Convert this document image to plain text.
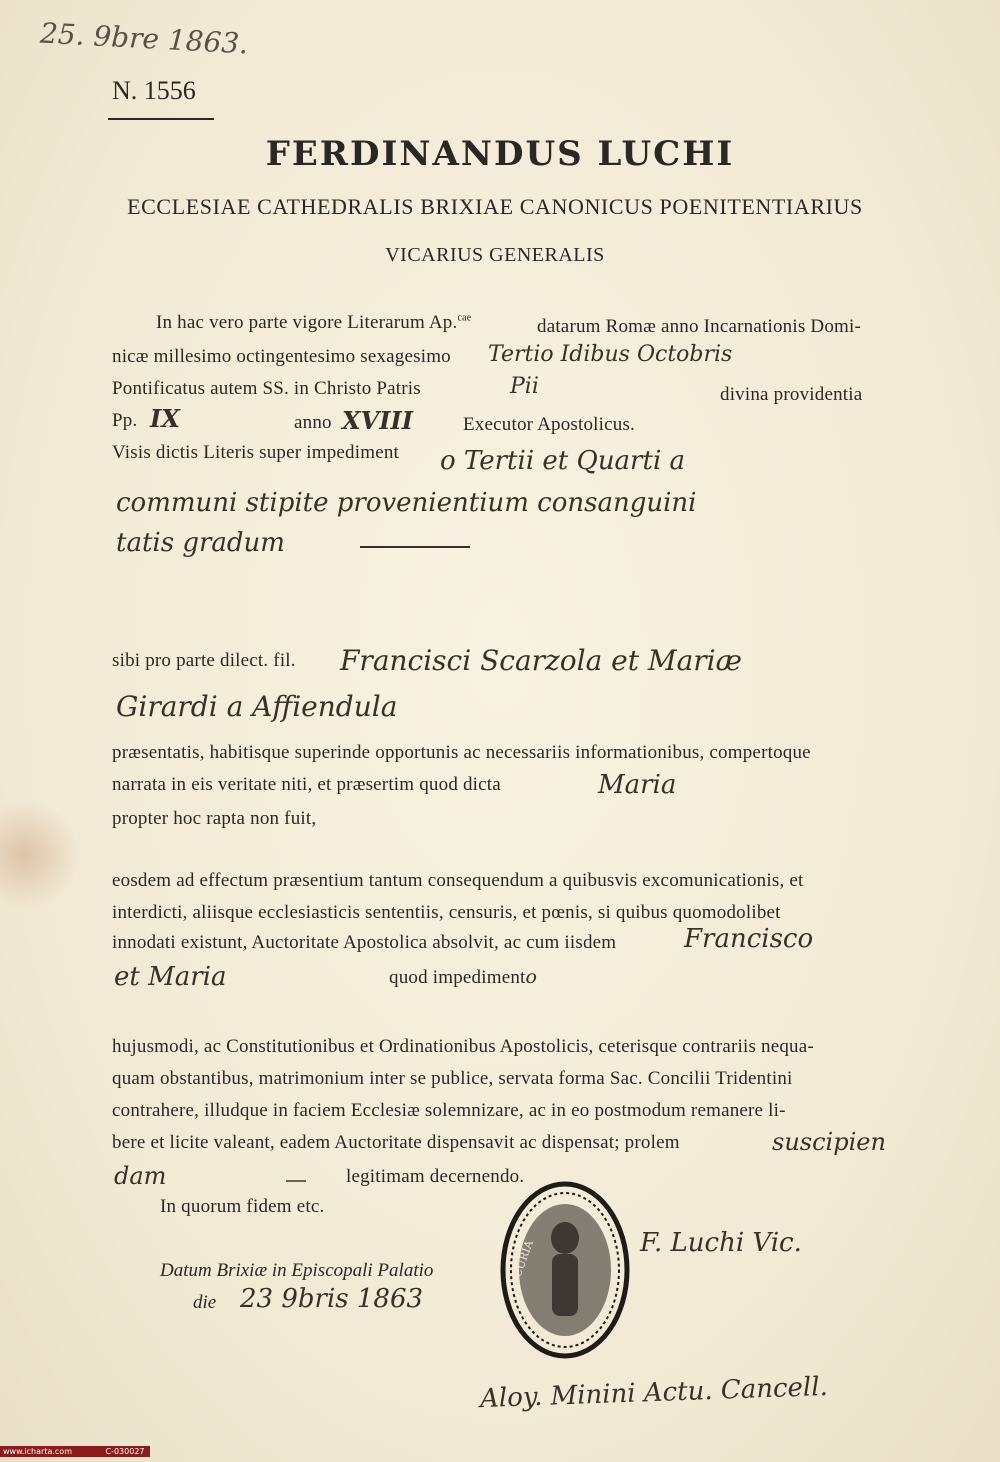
25. 9bre 1863.
N. 1556
FERDINANDUS LUCHI
ECCLESIAE CATHEDRALIS BRIXIAE CANONICUS POENITENTIARIUS
VICARIUS GENERALIS
In hac vero parte vigore Literarum Ap.$^{cae}$	datarum Romæ anno Incarnationis Domi-
nicæ millesimo octingentesimo sexagesimo Tertio Idibus Octobris
Pontificatus autem SS. in Christo Patris	Pii	divina providentia
Pp. IX	anno XVIII	Executor Apostolicus.
Visis dictis Literis super impediment o Tertii et Quarti a
communi stipite provenientium consanguini
tatis gradum
sibi pro parte dilect. fil. Francisci Scarzola et Mariæ
Girardi a Affiendula
præsentatis, habitisque superinde opportunis ac necessariis informationibus, compertoque
narrata in eis veritate niti, et præsertim quod dicta	Maria
propter hoc rapta non fuit,
eosdem ad effectum præsentium tantum consequendum a quibusvis excomunicationis, et
interdicti, aliisque ecclesiasticis sententiis, censuris, et pœnis, si quibus quomodolibet
innodati existunt, Auctoritate Apostolica absolvit, ac cum iisdem	Francisco
et Maria	quod impedimento
hujusmodi, ac Constitutionibus et Ordinationibus Apostolicis, ceterisque contrariis nequa-
quam obstantibus, matrimonium inter se publice, servata forma Sac. Concilii Tridentini
contrahere, illudque in faciem Ecclesiæ solemnizare, ac in eo postmodum remanere li-
bere et licite valeant, eadem Auctoritate dispensavit ac dispensat; prolem	suscipien
dam	legitimam decernendo.
In quorum fidem etc.
Datum Brixiæ in Episcopali Palatio
die 23 9bris 1863
F. Luchi Vic.
Aloy. Minini Actu. Cancell.
CURIA
www.icharta.com	C-030027
